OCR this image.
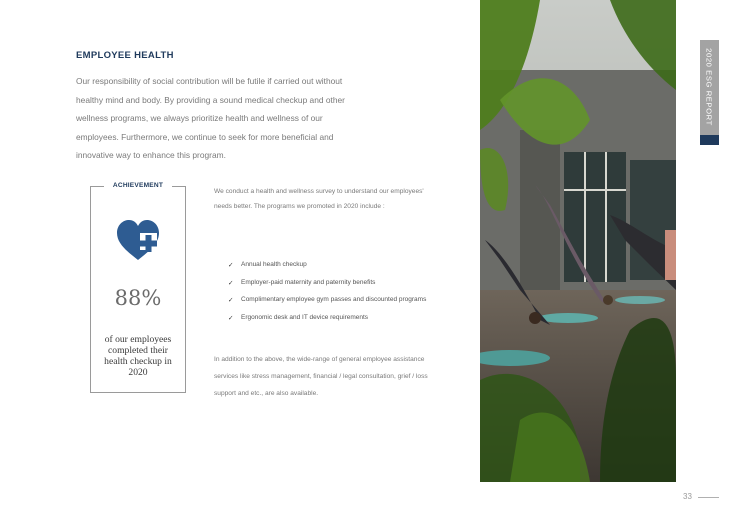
EMPLOYEE HEALTH

Our responsibility of social contribution will be futile if carried out without healthy mind and body. By providing a sound medical checkup and other wellness programs, we always prioritize health and wellness of our employees. Furthermore, we continue to seek for more beneficial and innovative way to enhance this program.

ACHIEVEMENT
88%
of our employees completed their health checkup in 2020

We conduct a health and wellness survey to understand our employees' needs better. The programs we promoted in 2020 include :

✓ Annual health checkup
✓ Employer-paid maternity and paternity benefits
✓ Complimentary employee gym passes and discounted programs
✓ Ergonomic desk and IT device requirements

In addition to the above, the wide-range of general employee assistance services like stress management, financial / legal consultation, grief / loss support and etc., are also available.

2020 ESG REPORT
33
